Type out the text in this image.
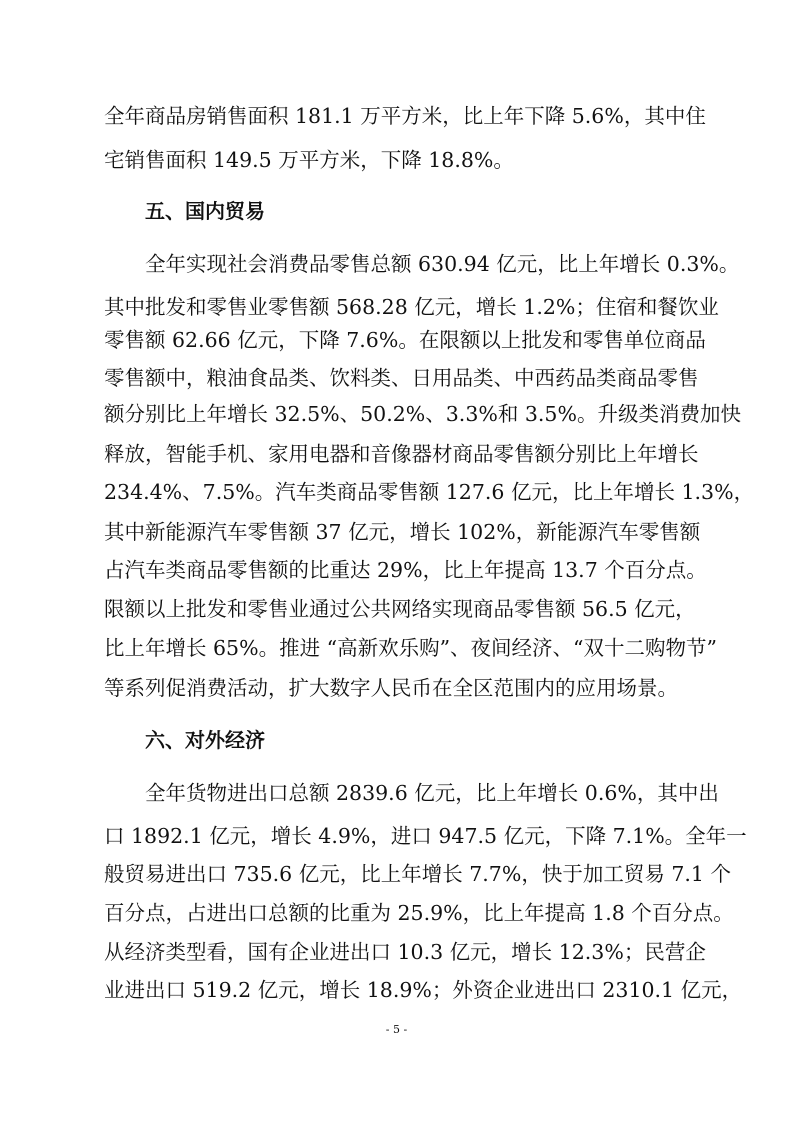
全年商品房销售面积 181.1 万平方米，比上年下降 5.6%，其中住
宅销售面积 149.5 万平方米，下降 18.8%。
五、国内贸易
全年实现社会消费品零售总额 630.94 亿元，比上年增长 0.3%。
其中批发和零售业零售额 568.28 亿元，增长 1.2%；住宿和餐饮业
零售额 62.66 亿元，下降 7.6%。在限额以上批发和零售单位商品
零售额中，粮油食品类、饮料类、日用品类、中西药品类商品零售
额分别比上年增长 32.5%、50.2%、3.3%和 3.5%。升级类消费加快
释放，智能手机、家用电器和音像器材商品零售额分别比上年增长
234.4%、7.5%。汽车类商品零售额 127.6 亿元，比上年增长 1.3%，
其中新能源汽车零售额 37 亿元，增长 102%，新能源汽车零售额
占汽车类商品零售额的比重达 29%，比上年提高 13.7 个百分点。
限额以上批发和零售业通过公共网络实现商品零售额 56.5 亿元，
比上年增长 65%。推进 “高新欢乐购”、夜间经济、“双十二购物节”
等系列促消费活动，扩大数字人民币在全区范围内的应用场景。
六、对外经济
全年货物进出口总额 2839.6 亿元，比上年增长 0.6%，其中出
口 1892.1 亿元，增长 4.9%，进口 947.5 亿元，下降 7.1%。全年一
般贸易进出口 735.6 亿元，比上年增长 7.7%，快于加工贸易 7.1 个
百分点，占进出口总额的比重为 25.9%，比上年提高 1.8 个百分点。
从经济类型看，国有企业进出口 10.3 亿元，增长 12.3%；民营企
业进出口 519.2 亿元，增长 18.9%；外资企业进出口 2310.1 亿元，
- 5 -
